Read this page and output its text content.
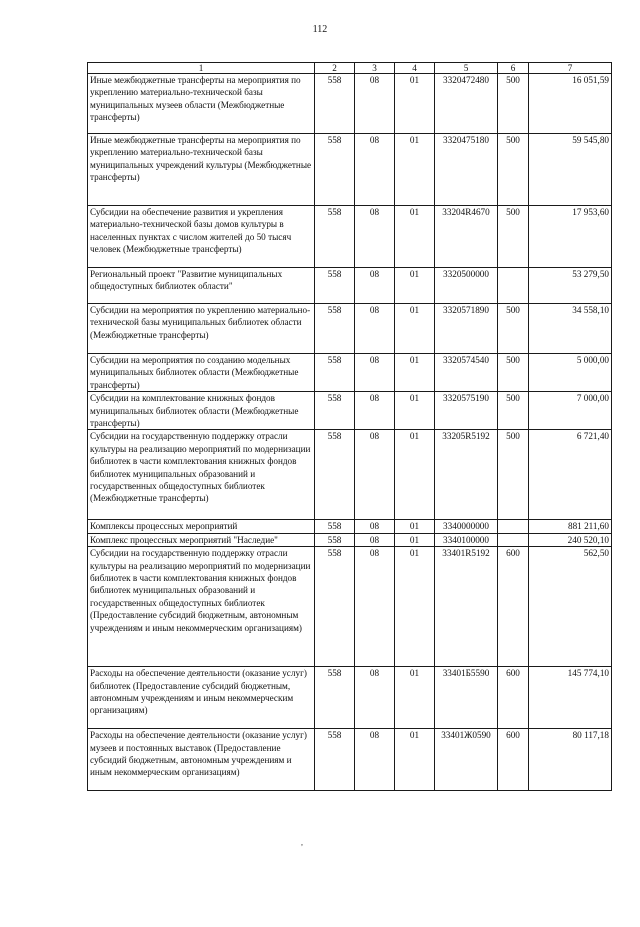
112
1	2	3	4	5	6	7
Иные межбюджетные трансферты на мероприятия по укреплению материально-технической базы муниципальных музеев области (Межбюджетные трансферты)	558	08	01	3320472480	500	16 051,59
Иные межбюджетные трансферты на мероприятия по укреплению материально-технической базы муниципальных учреждений культуры (Межбюджетные трансферты)	558	08	01	3320475180	500	59 545,80
Субсидии на обеспечение развития и укрепления материально-технической базы домов культуры в населенных пунктах с числом жителей до 50 тысяч человек (Межбюджетные трансферты)	558	08	01	33204R4670	500	17 953,60
Региональный проект "Развитие муниципальных общедоступных библиотек области"	558	08	01	3320500000		53 279,50
Субсидии на мероприятия по укреплению материально-технической базы муниципальных библиотек области (Межбюджетные трансферты)	558	08	01	3320571890	500	34 558,10
Субсидии на мероприятия по созданию модельных муниципальных библиотек области (Межбюджетные трансферты)	558	08	01	3320574540	500	5 000,00
Субсидии на комплектование книжных фондов муниципальных библиотек области (Межбюджетные трансферты)	558	08	01	3320575190	500	7 000,00
Субсидии на государственную поддержку отрасли культуры на реализацию мероприятий по модернизации библиотек в части комплектования книжных фондов библиотек муниципальных образований и государственных общедоступных библиотек (Межбюджетные трансферты)	558	08	01	33205R5192	500	6 721,40
Комплексы процессных мероприятий	558	08	01	3340000000		881 211,60
Комплекс процессных мероприятий "Наследие"	558	08	01	3340100000		240 520,10
Субсидии на государственную поддержку отрасли культуры на реализацию мероприятий по модернизации библиотек в части комплектования книжных фондов библиотек муниципальных образований и государственных общедоступных библиотек (Предоставление субсидий бюджетным, автономным учреждениям и иным некоммерческим организациям)	558	08	01	33401R5192	600	562,50
Расходы на обеспечение деятельности (оказание услуг) библиотек (Предоставление субсидий бюджетным, автономным учреждениям и иным некоммерческим организациям)	558	08	01	33401Б5590	600	145 774,10
Расходы на обеспечение деятельности (оказание услуг) музеев и постоянных выставок (Предоставление субсидий бюджетным, автономным учреждениям и иным некоммерческим организациям)	558	08	01	33401Ж0590	600	80 117,18
,
